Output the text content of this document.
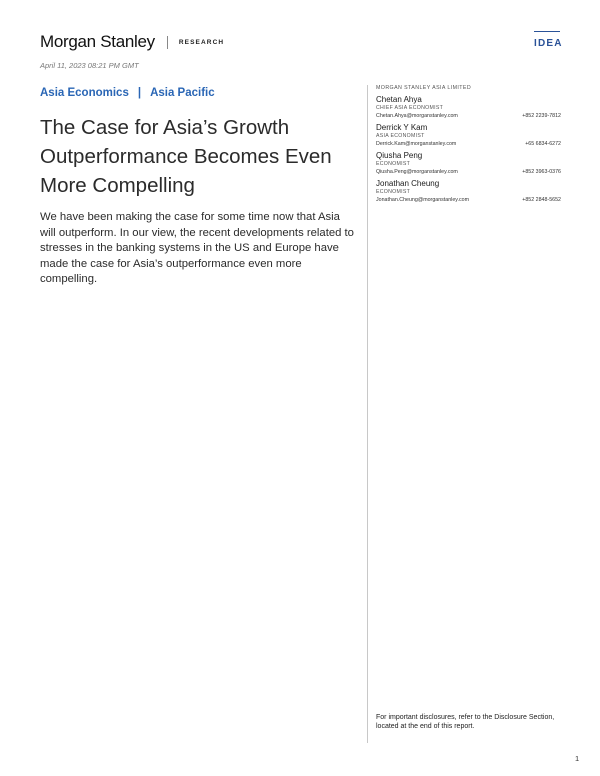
Morgan Stanley	RESEARCH	IDEA
April 11, 2023 08:21 PM GMT
Asia Economics | Asia Pacific
The Case for Asia’s Growth Outperformance Becomes Even More Compelling

We have been making the case for some time now that Asia will outperform. In our view, the recent developments related to stresses in the banking systems in the US and Europe have made the case for Asia’s outperformance even more compelling.

MORGAN STANLEY ASIA LIMITED
Chetan Ahya
CHIEF ASIA ECONOMIST
Chetan.Ahya@morganstanley.com	+852 2239-7812
Derrick Y Kam
ASIA ECONOMIST
Derrick.Kam@morganstanley.com	+65 6834-6272
Qiusha Peng
ECONOMIST
Qiusha.Peng@morganstanley.com	+852 3963-0376
Jonathan Cheung
ECONOMIST
Jonathan.Cheung@morganstanley.com	+852 2848-5652
For important disclosures, refer to the Disclosure Section, located at the end of this report.
1
